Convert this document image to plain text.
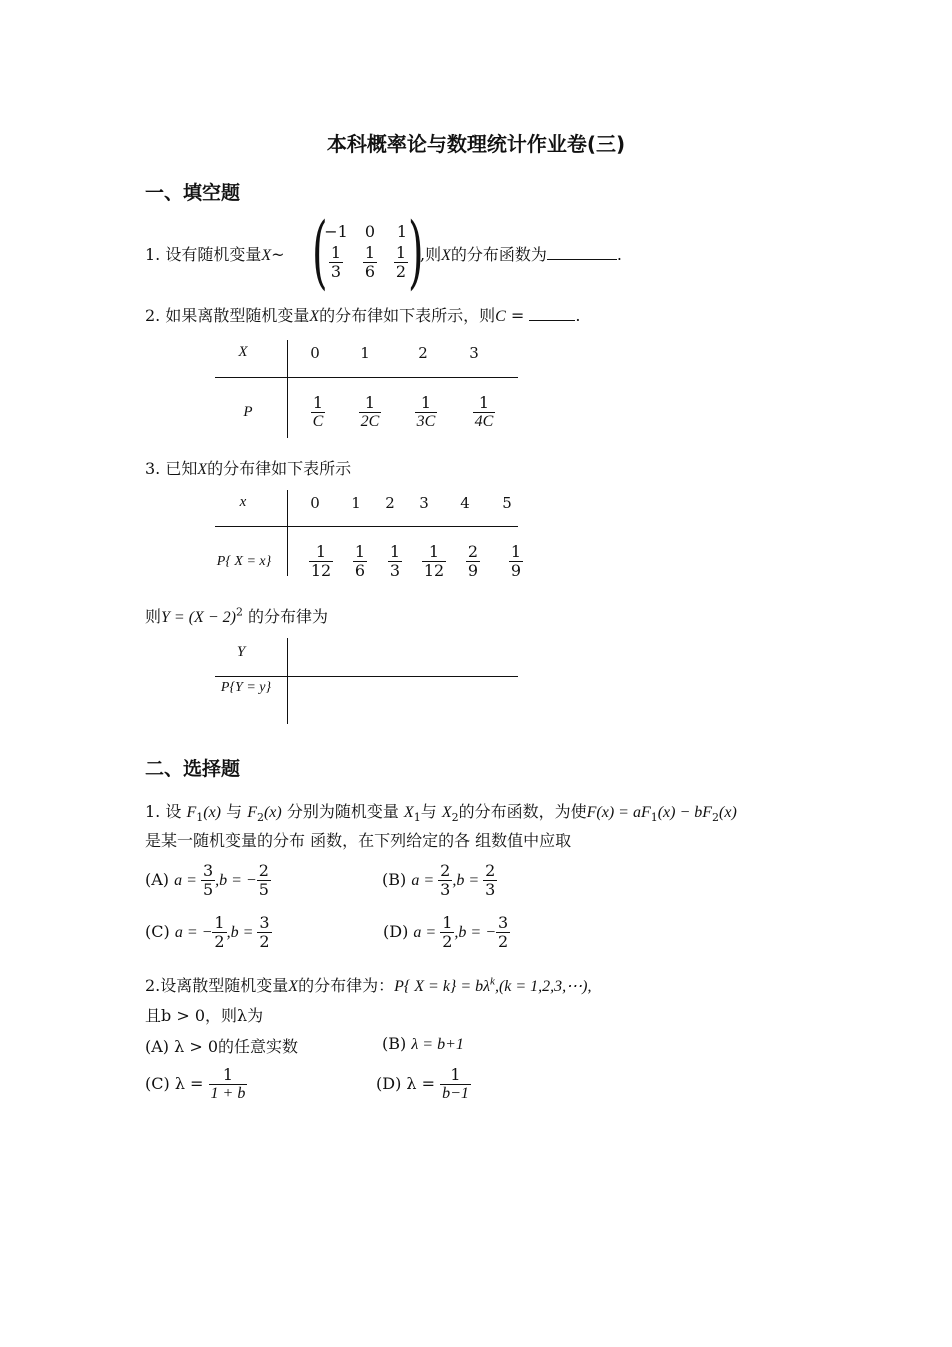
本科概率论与数理统计作业卷(三)
一、填空题
1. 设有随机变量X~ ( )
−1	0	1
$\frac{1}{3} \frac{1}{6} \frac{1}{2}$ ,则X的分布函数为	.
2. 如果离散型随机变量X的分布律如下表所示，则C =	.
X	0	1	2	3
P	$\frac{1}{C} \frac{1}{2C} \frac{1}{3C} \frac{1}{4C}$
3. 已知X的分布律如下表所示
x	0	1	2	3	4	5
P{ X = x}	$\frac{1}{12} \frac{1}{6} \frac{1}{3} \frac{1}{12} \frac{2}{9} \frac{1}{9}$
则$Y = (X - 2)^2$ 的分布律为
Y
P{Y = y}
二、选择题
1. 设 $F_1(x)$ 与 $F_2(x)$ 分别为随机变量 $X_1$与 $X_2$的分布函数，为使$F(x) = aF_1(x) - bF_2(x)$
是某一随机变量的分布 函数，在下列给定的各 组数值中应取
(A) $a = \frac{3}{5} ,b$ = − $\frac{2}{5}$	(B) $a = \frac{2}{3} ,b = \frac{2}{3}$
(C) a = − $\frac{1}{2} ,b = \frac{3}{2}$	(D) $a = \frac{1}{2} ,b$ = − $\frac{3}{2}$
2.设离散型随机变量X的分布律为：P{ $X = k\} = b\lambda^k,(k$ = 1,2,3,⋯),
且b > 0，则λ为
(A) λ > 0的任意实数	(B) λ = b+1
(C) $\lambda = \frac{1}{1 + b}$	(D) $\lambda = \frac{1}{b-1}$
